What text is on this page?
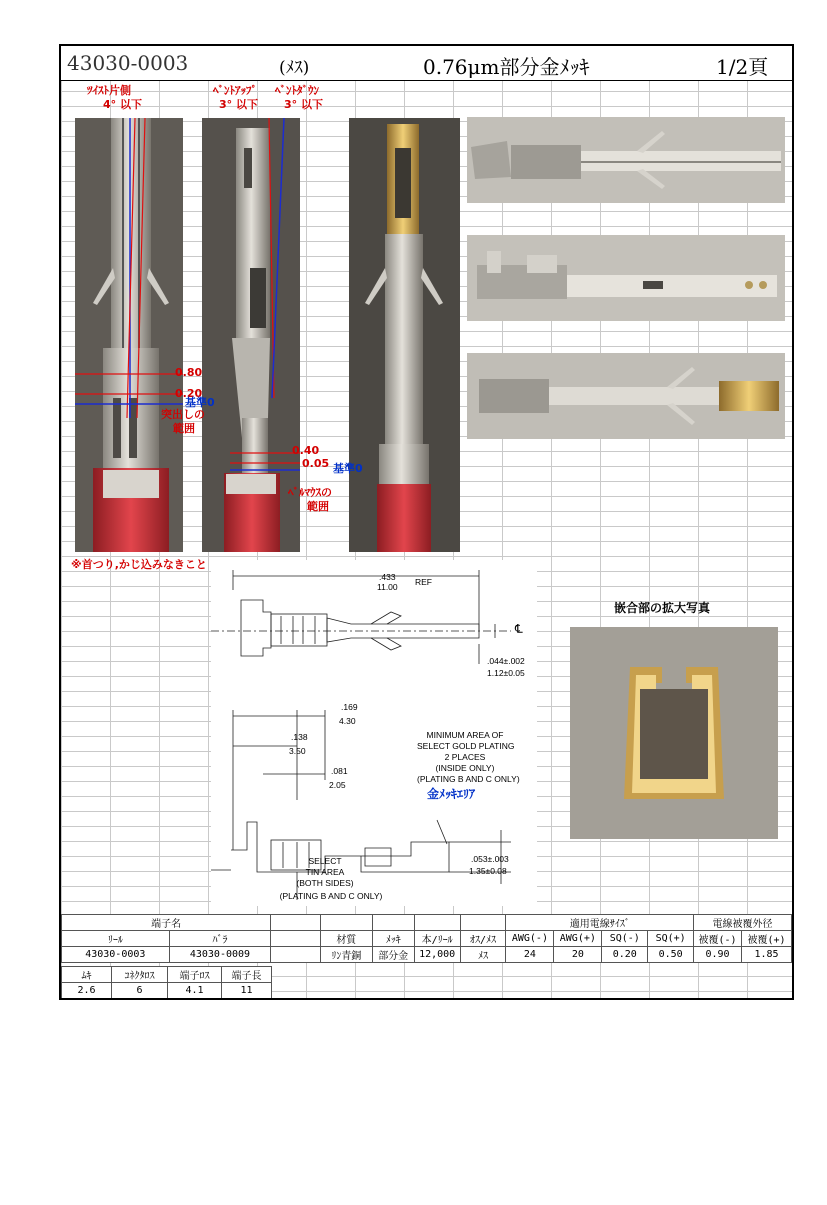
43030-0003	(ﾒｽ)	0.76μm部分金ﾒｯｷ	1/2頁
ﾂｲｽﾄ片側
4° 以下
ﾍﾞﾝﾄｱｯﾌﾟ
3° 以下
ﾍﾞﾝﾄﾀﾞｳﾝ
3° 以下
0.80
0.20
基準0
突出しの
範囲
0.40
0.05 基準0
ﾍﾞﾙﾏｳｽの
範囲
※首つり,かじ込みなきこと
嵌合部の拡大写真
.433
11.00 REF
℄
.044±.002
1.12±0.05
.169
4.30
.138
3.50
.081
2.05
MINIMUM AREA OF
SELECT GOLD PLATING
2 PLACES
(INSIDE ONLY)
(PLATING B AND C ONLY)
金ﾒｯｷｴﾘｱ
SELECT
TIN AREA
(BOTH SIDES)
(PLATING B AND C ONLY)
.053±.003
1.35±0.08
端子名							適用電線ｻｲｽﾞ				電線被覆外径	
ﾘｰﾙ	ﾊﾞﾗ		材質	ﾒｯｷ	本/ﾘｰﾙ	ｵｽ/ﾒｽ	AWG(-)	AWG(+)	SQ(-)	SQ(+)	被覆(-)	被覆(+)
43030-0003	43030-0009		ﾘﾝ青銅	部分金	12,000	ﾒｽ	24	20	0.20	0.50	0.90	1.85
ﾑｷ	ｺﾈｸﾀﾛｽ	端子ﾛｽ	端子長
2.6	6	4.1	11
